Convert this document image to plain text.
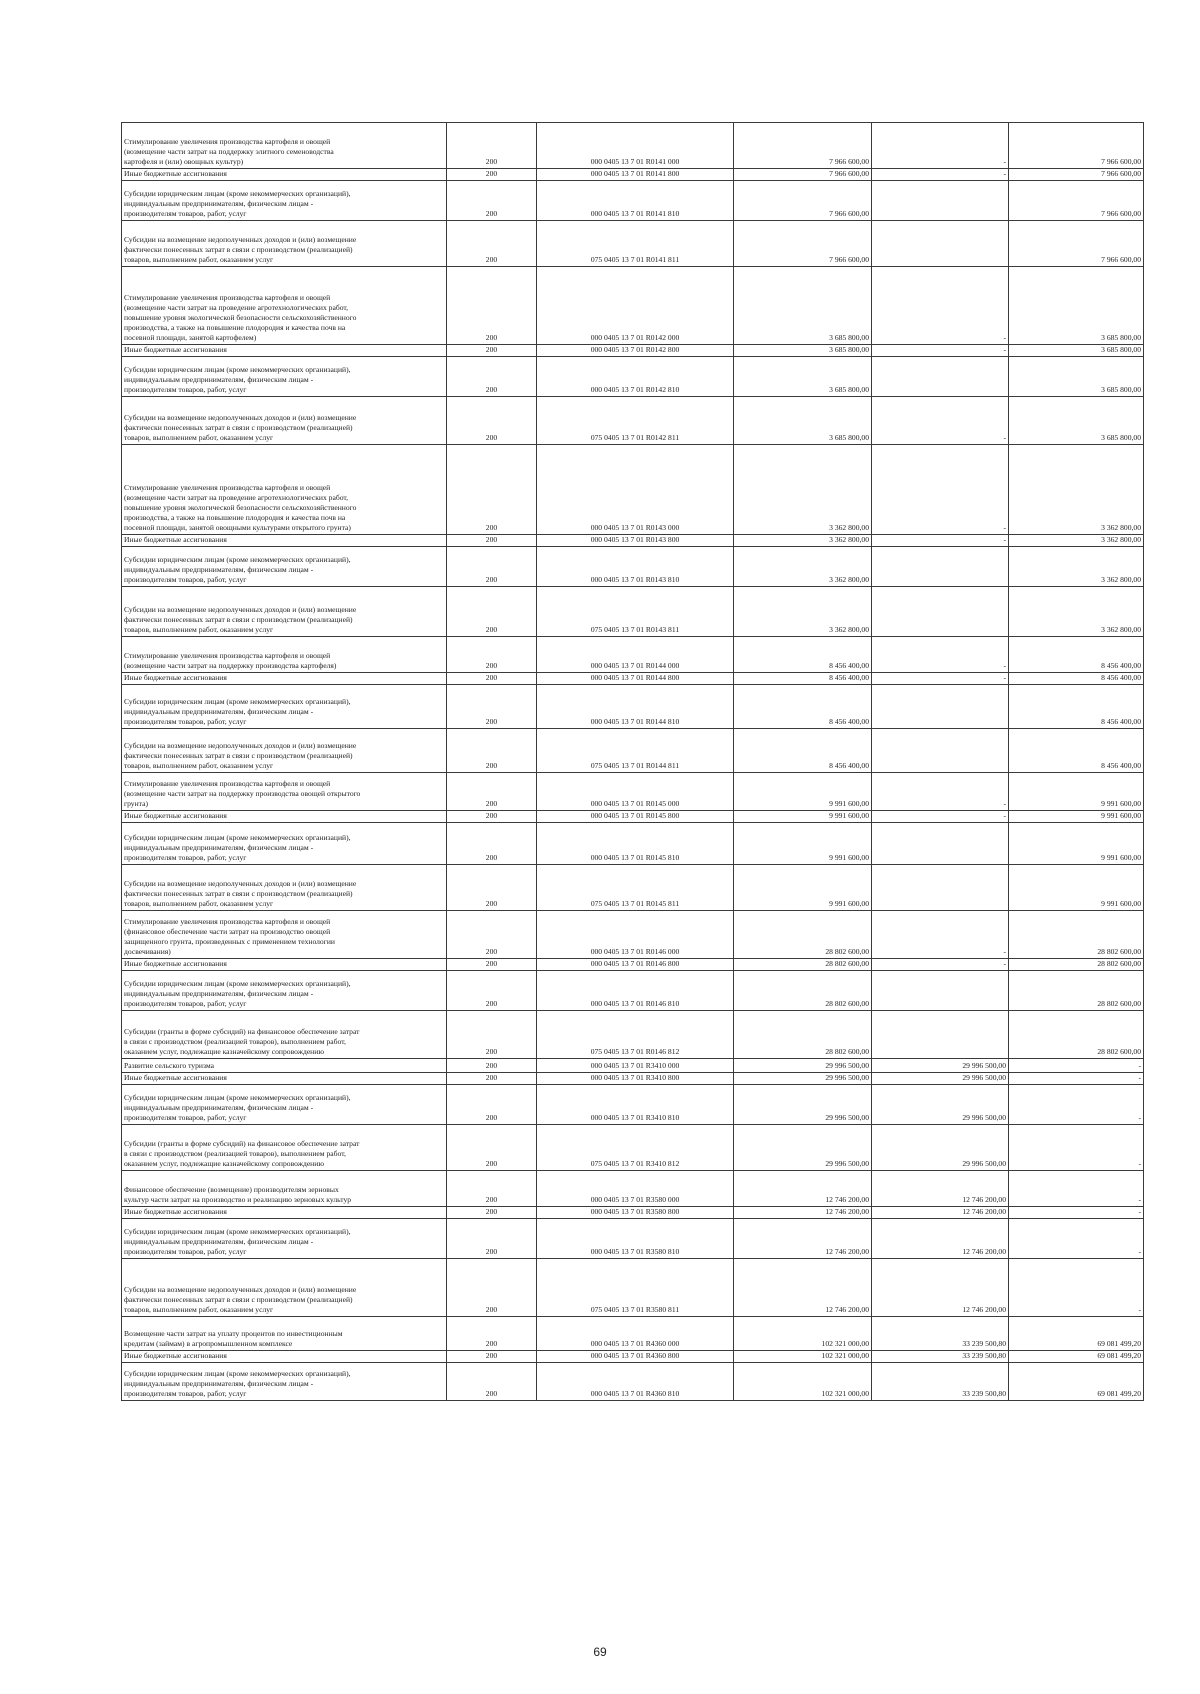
Стимулирование увеличения производства картофеля и овощей
(возмещение части затрат на поддержку элитного семеноводства
картофеля и (или) овощных культур)	200	000 0405 13 7 01 R0141 000	7 966 600,00	-	7 966 600,00
Иные бюджетные ассигнования	200	000 0405 13 7 01 R0141 800	7 966 600,00	-	7 966 600,00
Субсидии юридическим лицам (кроме некоммерческих организаций),
индивидуальным предпринимателям, физическим лицам -
производителям товаров, работ, услуг	200	000 0405 13 7 01 R0141 810	7 966 600,00		7 966 600,00
Субсидии на возмещение недополученных доходов и (или) возмещение
фактически понесенных затрат в связи с производством (реализацией)
товаров, выполнением работ, оказанием услуг	200	075 0405 13 7 01 R0141 811	7 966 600,00		7 966 600,00
Стимулирование увеличения производства картофеля и овощей
(возмещение части затрат на проведение агротехнологических работ,
повышение уровня экологической безопасности сельскохозяйственного
производства, а также на повышение плодородия и качества почв на
посевной площади, занятой картофелем)	200	000 0405 13 7 01 R0142 000	3 685 800,00	-	3 685 800,00
Иные бюджетные ассигнования	200	000 0405 13 7 01 R0142 800	3 685 800,00	-	3 685 800,00
Субсидии юридическим лицам (кроме некоммерческих организаций),
индивидуальным предпринимателям, физическим лицам -
производителям товаров, работ, услуг	200	000 0405 13 7 01 R0142 810	3 685 800,00		3 685 800,00
Субсидии на возмещение недополученных доходов и (или) возмещение
фактически понесенных затрат в связи с производством (реализацией)
товаров, выполнением работ, оказанием услуг	200	075 0405 13 7 01 R0142 811	3 685 800,00	-	3 685 800,00
Стимулирование увеличения производства картофеля и овощей
(возмещение части затрат на проведение агротехнологических работ,
повышение уровня экологической безопасности сельскохозяйственного
производства, а также на повышение плодородия и качества почв на
посевной площади, занятой овощными культурами открытого грунта)	200	000 0405 13 7 01 R0143 000	3 362 800,00	-	3 362 800,00
Иные бюджетные ассигнования	200	000 0405 13 7 01 R0143 800	3 362 800,00	-	3 362 800,00
Субсидии юридическим лицам (кроме некоммерческих организаций),
индивидуальным предпринимателям, физическим лицам -
производителям товаров, работ, услуг	200	000 0405 13 7 01 R0143 810	3 362 800,00		3 362 800,00
Субсидии на возмещение недополученных доходов и (или) возмещение
фактически понесенных затрат в связи с производством (реализацией)
товаров, выполнением работ, оказанием услуг	200	075 0405 13 7 01 R0143 811	3 362 800,00		3 362 800,00
Стимулирование увеличения производства картофеля и овощей
(возмещение части затрат на поддержку производства картофеля)	200	000 0405 13 7 01 R0144 000	8 456 400,00	-	8 456 400,00
Иные бюджетные ассигнования	200	000 0405 13 7 01 R0144 800	8 456 400,00	-	8 456 400,00
Субсидии юридическим лицам (кроме некоммерческих организаций),
индивидуальным предпринимателям, физическим лицам -
производителям товаров, работ, услуг	200	000 0405 13 7 01 R0144 810	8 456 400,00		8 456 400,00
Субсидии на возмещение недополученных доходов и (или) возмещение
фактически понесенных затрат в связи с производством (реализацией)
товаров, выполнением работ, оказанием услуг	200	075 0405 13 7 01 R0144 811	8 456 400,00		8 456 400,00
Стимулирование увеличения производства картофеля и овощей
(возмещение части затрат на поддержку производства овощей открытого
грунта)	200	000 0405 13 7 01 R0145 000	9 991 600,00	-	9 991 600,00
Иные бюджетные ассигнования	200	000 0405 13 7 01 R0145 800	9 991 600,00	-	9 991 600,00
Субсидии юридическим лицам (кроме некоммерческих организаций),
индивидуальным предпринимателям, физическим лицам -
производителям товаров, работ, услуг	200	000 0405 13 7 01 R0145 810	9 991 600,00		9 991 600,00
Субсидии на возмещение недополученных доходов и (или) возмещение
фактически понесенных затрат в связи с производством (реализацией)
товаров, выполнением работ, оказанием услуг	200	075 0405 13 7 01 R0145 811	9 991 600,00		9 991 600,00
Стимулирование увеличения производства картофеля и овощей
(финансовое обеспечение части затрат на производство овощей
защищенного грунта, произведенных с применением технологии
досвечивания)	200	000 0405 13 7 01 R0146 000	28 802 600,00	-	28 802 600,00
Иные бюджетные ассигнования	200	000 0405 13 7 01 R0146 800	28 802 600,00	-	28 802 600,00
Субсидии юридическим лицам (кроме некоммерческих организаций),
индивидуальным предпринимателям, физическим лицам -
производителям товаров, работ, услуг	200	000 0405 13 7 01 R0146 810	28 802 600,00		28 802 600,00
Субсидии (гранты в форме субсидий) на финансовое обеспечение затрат
в связи с производством (реализацией товаров), выполнением работ,
оказанием услуг, подлежащие казначейскому сопровождению	200	075 0405 13 7 01 R0146 812	28 802 600,00		28 802 600,00
Развитие сельского туризма	200	000 0405 13 7 01 R3410 000	29 996 500,00	29 996 500,00	-
Иные бюджетные ассигнования	200	000 0405 13 7 01 R3410 800	29 996 500,00	29 996 500,00	-
Субсидии юридическим лицам (кроме некоммерческих организаций),
индивидуальным предпринимателям, физическим лицам -
производителям товаров, работ, услуг	200	000 0405 13 7 01 R3410 810	29 996 500,00	29 996 500,00	-
Субсидии (гранты в форме субсидий) на финансовое обеспечение затрат
в связи с производством (реализацией товаров), выполнением работ,
оказанием услуг, подлежащие казначейскому сопровождению	200	075 0405 13 7 01 R3410 812	29 996 500,00	29 996 500,00	-
Финансовое обеспечение (возмещение) производителям зерновых
культур части затрат на производство и реализацию зерновых культур	200	000 0405 13 7 01 R3580 000	12 746 200,00	12 746 200,00	-
Иные бюджетные ассигнования	200	000 0405 13 7 01 R3580 800	12 746 200,00	12 746 200,00	-
Субсидии юридическим лицам (кроме некоммерческих организаций),
индивидуальным предпринимателям, физическим лицам -
производителям товаров, работ, услуг	200	000 0405 13 7 01 R3580 810	12 746 200,00	12 746 200,00	-
Субсидии на возмещение недополученных доходов и (или) возмещение
фактически понесенных затрат в связи с производством (реализацией)
товаров, выполнением работ, оказанием услуг	200	075 0405 13 7 01 R3580 811	12 746 200,00	12 746 200,00	-
Возмещение части затрат на уплату процентов по инвестиционным
кредитам (займам) в агропромышленном комплексе	200	000 0405 13 7 01 R4360 000	102 321 000,00	33 239 500,80	69 081 499,20
Иные бюджетные ассигнования	200	000 0405 13 7 01 R4360 800	102 321 000,00	33 239 500,80	69 081 499,20
Субсидии юридическим лицам (кроме некоммерческих организаций),
индивидуальным предпринимателям, физическим лицам -
производителям товаров, работ, услуг	200	000 0405 13 7 01 R4360 810	102 321 000,00	33 239 500,80	69 081 499,20
69
